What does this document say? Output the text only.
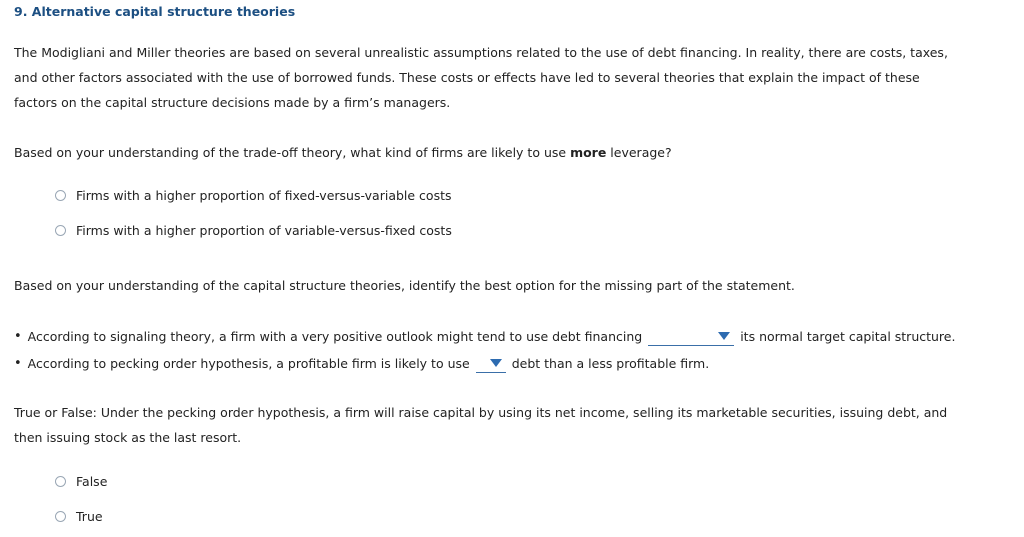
9. Alternative capital structure theories
The Modigliani and Miller theories are based on several unrealistic assumptions related to the use of debt financing. In reality, there are costs, taxes,
and other factors associated with the use of borrowed funds. These costs or effects have led to several theories that explain the impact of these
factors on the capital structure decisions made by a firm’s managers.
Based on your understanding of the trade-off theory, what kind of firms are likely to use more leverage?
Firms with a higher proportion of fixed-versus-variable costs
Firms with a higher proportion of variable-versus-fixed costs
Based on your understanding of the capital structure theories, identify the best option for the missing part of the statement.
• According to signaling theory, a firm with a very positive outlook might tend to use debt financing	its normal target capital structure.
• According to pecking order hypothesis, a profitable firm is likely to use	debt than a less profitable firm.
True or False: Under the pecking order hypothesis, a firm will raise capital by using its net income, selling its marketable securities, issuing debt, and
then issuing stock as the last resort.
False
True
